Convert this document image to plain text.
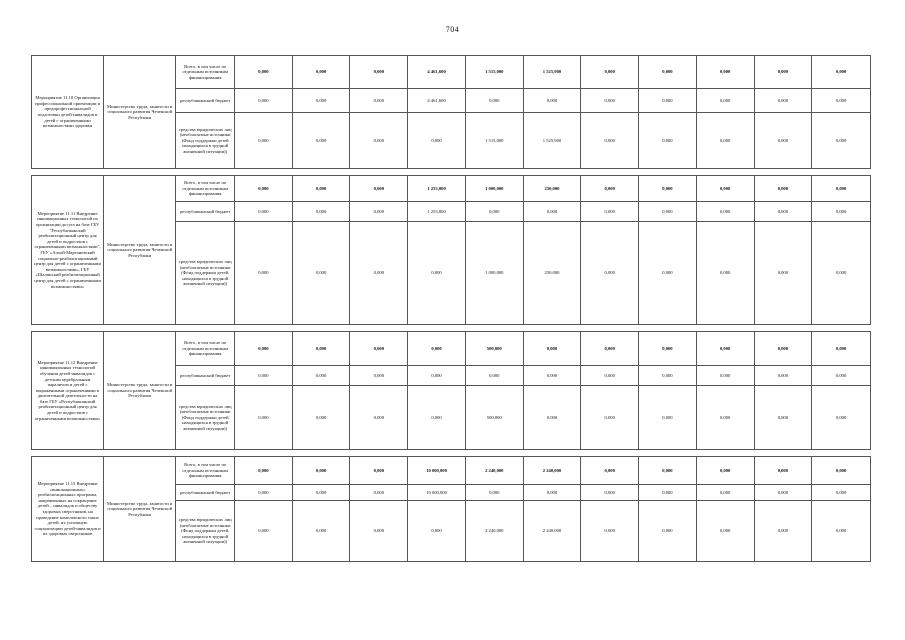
704
Мероприятие 11.10 Организация профессиональной ориентации и предпрофессиональной подготовки детей-инвалидов и детей с ограниченными возможностями здоровья	Министерство труда, занятости и социального развития Чеченской Республики	Всего, в том числе по отдельным источникам финансирования	0,000	0,000	0,000	4 461,600	1 515,000	1 525,900	0,000	0,000	0,000	0,000	0,000
		республиканский бюджет	0,000	0,000	0,000	4 461,600	0,000	0,000	0,000	0,000	0,000	0,000	0,000
		средства юридических лиц (необлагаемые источники (Фонд поддержки детей находящихся в трудной жизненной ситуации))	0,000	0,000	0,000	0,000	1 515,000	1 525,900	0,000	0,000	0,000	0,000	0,000

Мероприятие 11.11 Внедрение инновационных технологий по организации досуга на базе ГБУ "Республиканский реабилитационный центр для детей и подростков с ограниченными возможностями", ГБУ «Ачхой-Мартановский социально-реабилитационный центр для детей с ограниченными возможностями», ГБУ «Шалинский реабилитационный центр для детей с ограниченными возможностями»	Министерство труда, занятости и социального развития Чеченской Республики	Всего, в том числе по отдельным источникам финансирования	0,000	0,000	0,000	1 253,000	1 000,000	250,000	0,000	0,000	0,000	0,000	0,000
		республиканский бюджет	0,000	0,000	0,000	1 253,000	0,000	0,000	0,000	0,000	0,000	0,000	0,000
		средства юридических лиц (необлагаемые источники (Фонд поддержки детей, находящихся в трудной жизненной ситуации))	0,000	0,000	0,000	0,000	1 000,000	250,000	0,000	0,000	0,000	0,000	0,000

Мероприятие 11.12 Внедрение инновационных технологий обучения детей-инвалидов с детским церебральным параличом и детей с выраженными ограничениями в двигательной деятельности на базе ГБУ «Республиканский реабилитационный центр для детей и подростков с ограниченными возможностями»	Министерство труда, занятости и социального развития Чеченской Республики	Всего, в том числе по отдельным источникам финансирования	0,000	0,000	0,000	0,000	500,000	0,000	0,000	0,000	0,000	0,000	0,000
		республиканский бюджет	0,000	0,000	0,000	0,000	0,000	0,000	0,000	0,000	0,000	0,000	0,000
		средства юридических лиц (необлагаемые источники (Фонд поддержки детей находящихся в трудной жизненной ситуации))	0,000	0,000	0,000	0,000	500,000	0,000	0,000	0,000	0,000	0,000	0,000

Мероприятие 11.13 Внедрение «инновационных» реабилитационных программ, направленных на сокращение детей – инвалидов и обществу здоровых сверстников, на проведение комплексного таких детей, их успешную социализацию детей-инвалидов и их здоровых сверстников	Министерство труда, занятости и социального развития Чеченской Республики	Всего, в том числе по отдельным источникам финансирования	0,000	0,000	0,000	10 000,000	2 240,000	2 240,000	0,000	0,000	0,000	0,000	0,000
		республиканский бюджет	0,000	0,000	0,000	10 000,000	0,000	0,000	0,000	0,000	0,000	0,000	0,000
		средства юридических лиц (необлагаемые источники (Фонд поддержки детей, находящихся в трудной жизненной ситуации))	0,000	0,000	0,000	0,000	2 240,000	2 240,000	0,000	0,000	0,000	0,000	0,000
